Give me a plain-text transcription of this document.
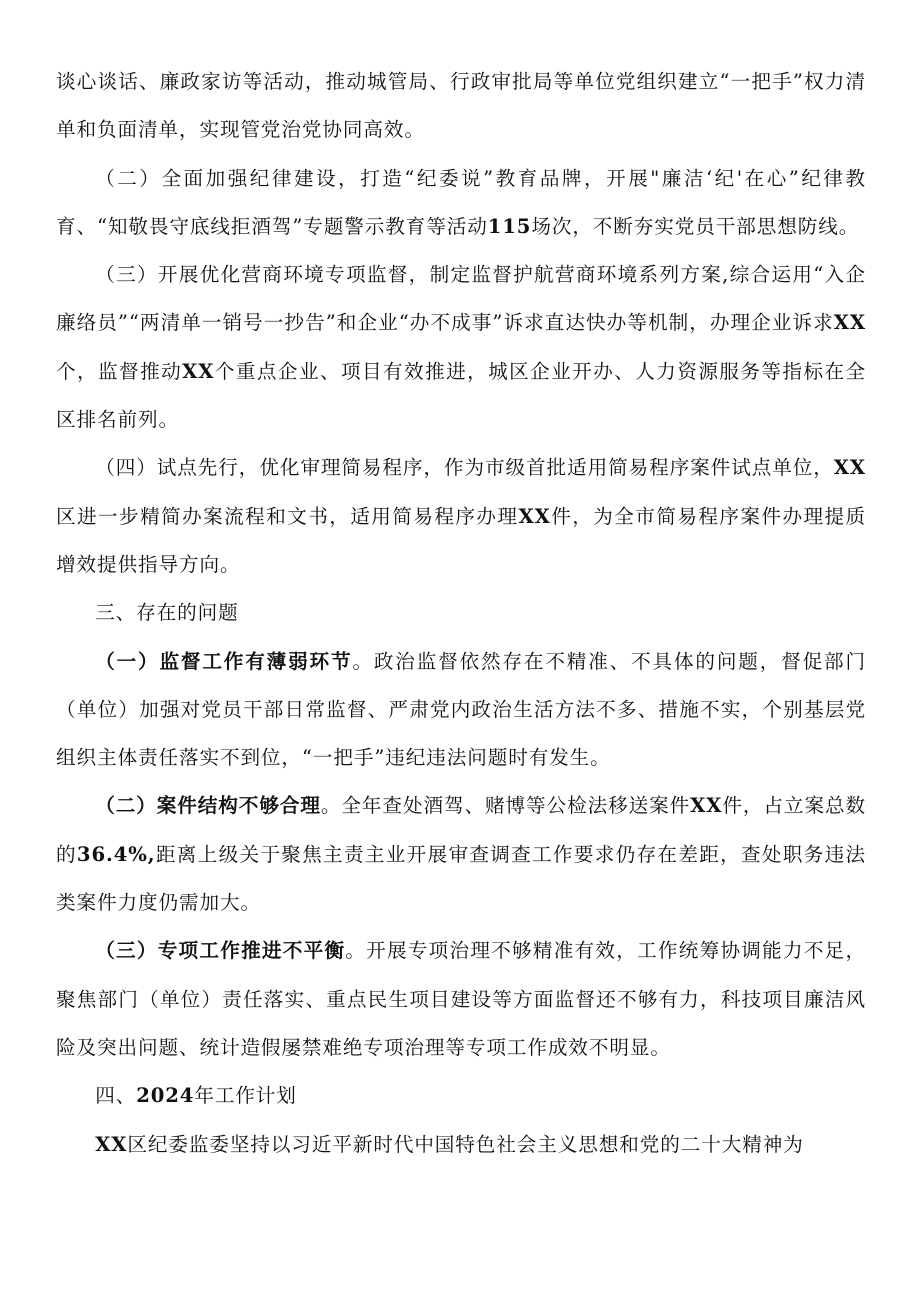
谈心谈话、廉政家访等活动，推动城管局、行政审批局等单位党组织建立“一把手”权力清单和负面清单，实现管党治党协同高效。

（二）全面加强纪律建设，打造“纪委说”教育品牌，开展"廉洁‘纪'在心”纪律教育、“知敬畏守底线拒酒驾”专题警示教育等活动115场次，不断夯实党员干部思想防线。

（三）开展优化营商环境专项监督，制定监督护航营商环境系列方案,综合运用“入企廉络员”“两清单一销号一抄告”和企业“办不成事”诉求直达快办等机制，办理企业诉求XX个，监督推动XX个重点企业、项目有效推进，城区企业开办、人力资源服务等指标在全区排名前列。

（四）试点先行，优化审理简易程序，作为市级首批适用简易程序案件试点单位，XX区进一步精简办案流程和文书，适用简易程序办理XX件，为全市简易程序案件办理提质增效提供指导方向。

三、存在的问题

（一）监督工作有薄弱环节。政治监督依然存在不精准、不具体的问题，督促部门（单位）加强对党员干部日常监督、严肃党内政治生活方法不多、措施不实，个别基层党组织主体责任落实不到位，“一把手”违纪违法问题时有发生。

（二）案件结构不够合理。全年查处酒驾、赌博等公检法移送案件XX件，占立案总数的36.4%,距离上级关于聚焦主责主业开展审查调查工作要求仍存在差距，查处职务违法类案件力度仍需加大。

（三）专项工作推进不平衡。开展专项治理不够精准有效，工作统筹协调能力不足，聚焦部门（单位）责任落实、重点民生项目建设等方面监督还不够有力，科技项目廉洁风险及突出问题、统计造假屡禁难绝专项治理等专项工作成效不明显。

四、2024年工作计划

XX区纪委监委坚持以习近平新时代中国特色社会主义思想和党的二十大精神为
